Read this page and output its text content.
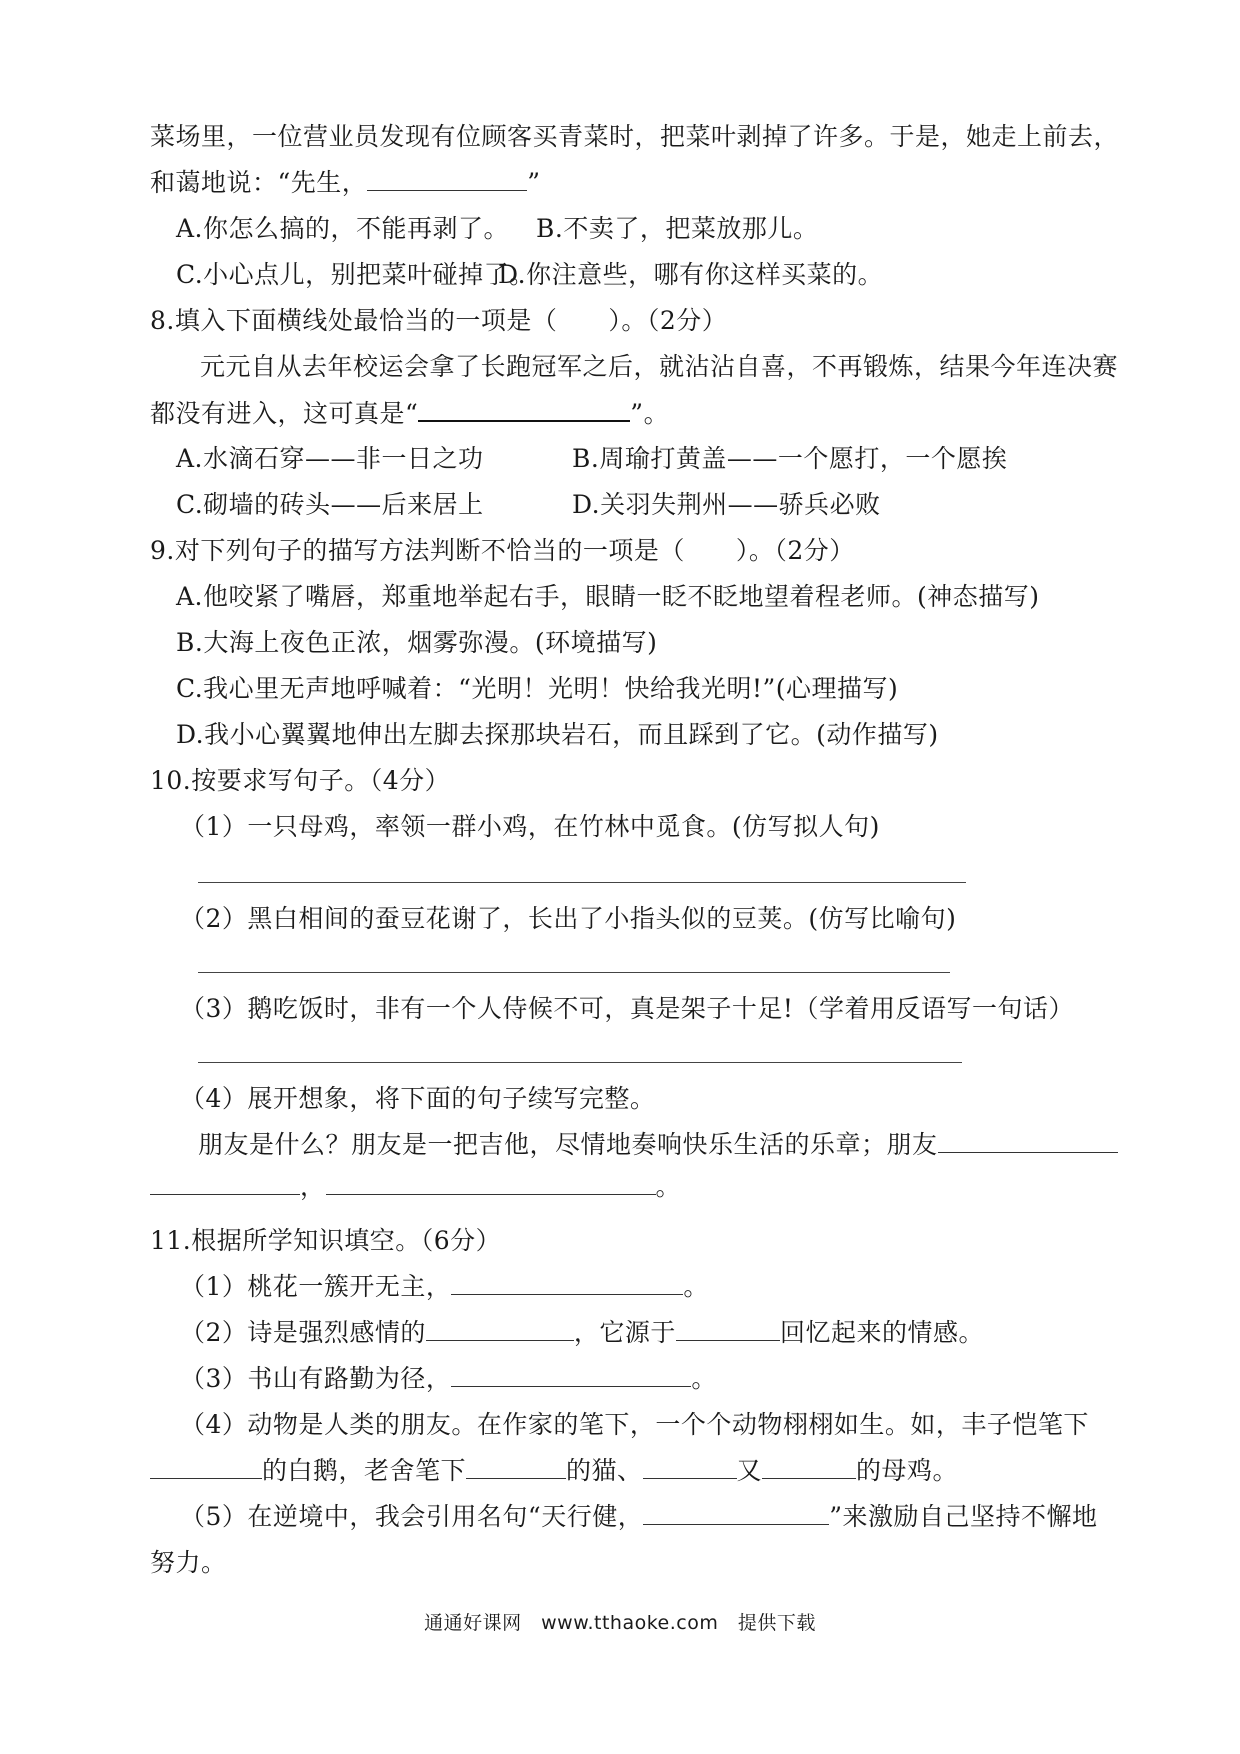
菜场里，一位营业员发现有位顾客买青菜时，把菜叶剥掉了许多。于是，她走上前去，
和蔼地说：“先生，	”
A.你怎么搞的，不能再剥了。 B.不卖了，把菜放那儿。
C.小心点儿，别把菜叶碰掉了。
D.你注意些，哪有你这样买菜的。
8.填入下面横线处最恰当的一项是（　　）。（2分）
元元自从去年校运会拿了长跑冠军之后，就沾沾自喜，不再锻炼，结果今年连决赛
都没有进入，这可真是“	”。
A.水滴石穿——非一日之功	B.周瑜打黄盖——一个愿打，一个愿挨
C.砌墙的砖头——后来居上	D.关羽失荆州——骄兵必败
9.对下列句子的描写方法判断不恰当的一项是（　　）。（2分）
A.他咬紧了嘴唇，郑重地举起右手，眼睛一眨不眨地望着程老师。(神态描写)
B.大海上夜色正浓，烟雾弥漫。(环境描写)
C.我心里无声地呼喊着：“光明！光明！快给我光明!”(心理描写)
D.我小心翼翼地伸出左脚去探那块岩石，而且踩到了它。(动作描写)
10.按要求写句子。（4分）
（1）一只母鸡，率领一群小鸡，在竹林中觅食。(仿写拟人句)
（2）黑白相间的蚕豆花谢了，长出了小指头似的豆荚。(仿写比喻句)
（3）鹅吃饭时，非有一个人侍候不可，真是架子十足!（学着用反语写一句话）
（4）展开想象，将下面的句子续写完整。
朋友是什么？朋友是一把吉他，尽情地奏响快乐生活的乐章；朋友
，	。
11.根据所学知识填空。（6分）
（1）桃花一簇开无主，	。
（2）诗是强烈感情的	，它源于	回忆起来的情感。
（3）书山有路勤为径，	。
（4）动物是人类的朋友。在作家的笔下，一个个动物栩栩如生。如，丰子恺笔下
的白鹅，老舍笔下	的猫、	又	的母鸡。
（5）在逆境中，我会引用名句“天行健，	”来激励自己坚持不懈地
努力。
通通好课网　www.tthaoke.com　提供下载
